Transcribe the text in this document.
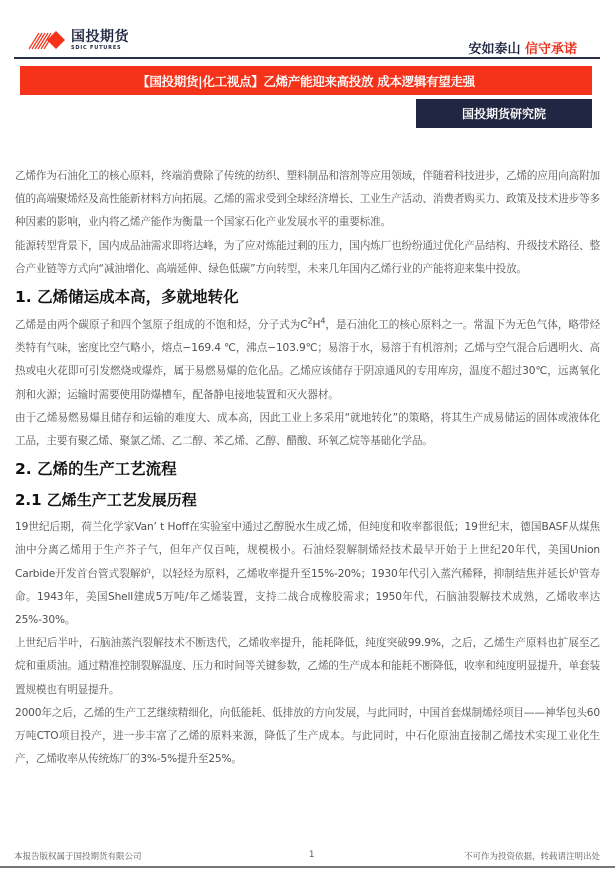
国投期货
SDIC FUTURES	安如泰山 信守承诺
【国投期货|化工视点】乙烯产能迎来高投放 成本逻辑有望走强
国投期货研究院

乙烯作为石油化工的核心原料，终端消费除了传统的纺织、塑料制品和溶剂等应用领域，伴随着科技进步，乙烯的应用向高附加值的高端聚烯烃及高性能新材料方向拓展。乙烯的需求受到全球经济增长、工业生产活动、消费者购买力、政策及技术进步等多种因素的影响，业内将乙烯产能作为衡量一个国家石化产业发展水平的重要标准。

能源转型背景下，国内成品油需求即将达峰，为了应对炼能过剩的压力，国内炼厂也纷纷通过优化产品结构、升级技术路径、整合产业链等方式向“减油增化、高端延伸、绿色低碳”方向转型，未来几年国内乙烯行业的产能将迎来集中投放。

1. 乙烯储运成本高，多就地转化

乙烯是由两个碳原子和四个氢原子组成的不饱和烃，分子式为$C^2H^4$，是石油化工的核心原料之一。常温下为无色气体，略带烃类特有气味，密度比空气略小，熔点−169.4 ℃，沸点−103.9℃；易溶于水，易溶于有机溶剂；乙烯与空气混合后遇明火、高热或电火花即可引发燃烧或爆炸，属于易燃易爆的危化品。乙烯应该储存于阴凉通风的专用库房，温度不超过30℃，远离氧化剂和火源；运输时需要使用防爆槽车，配备静电接地装置和灭火器材。

由于乙烯易燃易爆且储存和运输的难度大、成本高，因此工业上多采用“就地转化”的策略，将其生产成易储运的固体或液体化工品，主要有聚乙烯、聚氯乙烯、乙二醇、苯乙烯、乙醇、醋酸、环氧乙烷等基础化学品。

2. 乙烯的生产工艺流程
2.1 乙烯生产工艺发展历程

19世纪后期，荷兰化学家Van’ t Hoff在实验室中通过乙醇脱水生成乙烯，但纯度和收率都很低；19世纪末，德国BASF从煤焦油中分离乙烯用于生产芥子气，但年产仅百吨，规模极小。石油烃裂解制烯烃技术最早开始于上世纪20年代，美国Union Carbide开发首台管式裂解炉，以轻烃为原料，乙烯收率提升至15%-20%；1930年代引入蒸汽稀释，抑制结焦并延长炉管寿命。1943年，美国Shell建成5万吨/年乙烯装置，支持二战合成橡胶需求；1950年代，石脑油裂解技术成熟，乙烯收率达25%-30%。

上世纪后半叶，石脑油蒸汽裂解技术不断迭代，乙烯收率提升，能耗降低，纯度突破99.9%，之后，乙烯生产原料也扩展至乙烷和重质油。通过精准控制裂解温度、压力和时间等关键参数，乙烯的生产成本和能耗不断降低，收率和纯度明显提升，单套装置规模也有明显提升。

2000年之后，乙烯的生产工艺继续精细化，向低能耗、低排放的方向发展，与此同时，中国首套煤制烯烃项目——神华包头60万吨CTO项目投产，进一步丰富了乙烯的原料来源，降低了生产成本。与此同时，中石化原油直接制乙烯技术实现工业化生产，乙烯收率从传统炼厂的3%-5%提升至25%。

本报告版权属于国投期货有限公司	1	不可作为投资依据，转载请注明出处
